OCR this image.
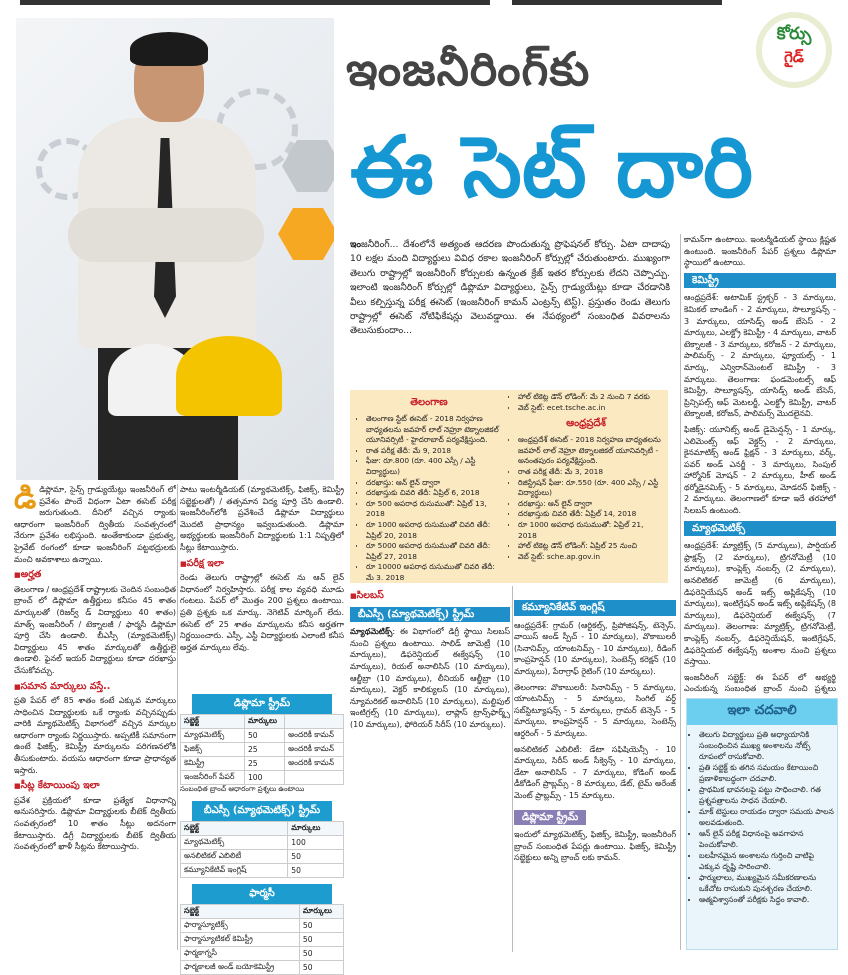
కోర్సు
గైడ్
ఇంజనీరింగ్‌కు
ఈ సెట్ దారి
ఇంజనీరింగ్‌... దేశంలోనే అత్యంత ఆదరణ పొందుతున్న ప్రొఫెషనల్ కోర్సు. ఏటా దాదాపు 10 లక్షల మంది విద్యార్థులు వివిధ రకాల ఇంజనీరింగ్ కోర్సుల్లో చేరుతుంటారు. ముఖ్యంగా తెలుగు రాష్ట్రాల్లో ఇంజనీరింగ్ కోర్సులకు ఉన్నంత క్రేజ్ ఇతర కోర్సులకు లేదని చెప్పొచ్చు. ఇలాంటి ఇంజనీరింగ్ కోర్సుల్లో డిప్లొమా విద్యార్థులు, సైన్స్ గ్రాడ్యుయేట్లు కూడా చేరడానికి వీలు కల్పిస్తున్న పరీక్ష ఈసెట్ (ఇంజనీరింగ్ కామన్ ఎంట్రన్స్ టెస్ట్). ప్రస్తుతం రెండు తెలుగు రాష్ట్రాల్లో ఈసెట్ నోటిఫికేషన్లు వెలువడ్డాయి. ఈ నేపథ్యంలో సంబంధిత వివరాలను తెలుసుకుందాం...

డిడిప్లొమా, సైన్స్ గ్రాడ్యుయేట్లు ఇంజనీరింగ్ లో ప్రవేశం పొందే విధంగా ఏటా ఈసెట్ పరీక్ష జరుగుతుంది. దీనిలో వచ్చిన ర్యాంకు ఆధారంగా ఇంజనీరింగ్ ద్వితీయ సంవత్సరంలో నేరుగా ప్రవేశం లభిస్తుంది. అంతేకాకుండా ప్రభుత్వ, ప్రైవేట్ రంగంలో కూడా ఇంజనీరింగ్ పట్టభద్రులకు మంచి అవకాశాలు ఉన్నాయి.

■ అర్హత

తెలంగాణ / ఆంధ్రప్రదేశ్ రాష్ట్రాలకు చెందిన సంబంధిత బ్రాంచ్ లో డిప్లొమా ఉత్తీర్ణులు కనీసం 45 శాతం మార్కులతో (రిజర్వ్ డ్ విద్యార్థులు 40 శాతం) మాత్స్ ఇంజనీరింగ్ / టెక్నాలజీ / ఫార్మసీ డిప్లొమా పూర్తి చేసి ఉండాలి. బీఎస్సీ (మ్యాథమెటిక్స్) విద్యార్థులు 45 శాతం మార్కులతో ఉత్తీర్ణులై ఉండాలి. ఫైనల్ ఇయర్ విద్యార్థులు కూడా దరఖాస్తు చేసుకోవచ్చు.

■ సమాన మార్కులు వస్తే..

ప్రతి పేపర్ లో 85 శాతం కంటే ఎక్కువ మార్కులు సాధించిన విద్యార్థులకు ఒకే ర్యాంకు వచ్చినప్పుడు వారికి మ్యాథమెటిక్స్ విభాగంలో వచ్చిన మార్కుల ఆధారంగా ర్యాంకు నిర్ణయిస్తారు. అప్పటికీ సమానంగా ఉంటే ఫిజిక్స్, కెమిస్ట్రీ మార్కులను పరిగణనలోకి తీసుకుంటారు. వయసు ఆధారంగా కూడా ప్రాధాన్యత ఇస్తారు.

■ సీట్ల కేటాయింపు ఇలా

ప్రవేశ ప్రక్రియలో కూడా ప్రత్యేక విధానాన్ని అనుసరిస్తారు. డిప్లొమా విద్యార్థులకు బీటెక్ ద్వితీయ సంవత్సరంలో 10 శాతం సీట్లు అదనంగా కేటాయిస్తారు. డిగ్రీ విద్యార్థులకు బీటెక్ ద్వితీయ సంవత్సరంలో ఖాళీ సీట్లను కేటాయిస్తారు.

పాటు ఇంటర్మీడియట్ (మ్యాథమెటిక్స్, ఫిజిక్స్, కెమిస్ట్రీ సబ్జెక్టులతో) / తత్సమాన విద్య పూర్తి చేసి ఉండాలి. ఇంజనీరింగ్‌లోకి ప్రవేశించే డిప్లొమా విద్యార్థులు మొదటి ప్రాధాన్యం ఇవ్వబడుతుంది. డిప్లొమా అభ్యర్థులకు ఇంజనీరింగ్ విద్యార్థులకు 1:1 నిష్పత్తిలో సీట్లు కేటాయిస్తారు.

■ పరీక్ష ఇలా

రెండు తెలుగు రాష్ట్రాల్లో ఈసెట్ ను ఆన్ లైన్ విధానంలో నిర్వహిస్తారు. పరీక్ష కాల వ్యవధి మూడు గంటలు. పేపర్ లో మొత్తం 200 ప్రశ్నలు ఉంటాయి. ప్రతి ప్రశ్నకు ఒక మార్కు. నెగెటివ్ మార్కింగ్ లేదు. ఈసెట్ లో 25 శాతం మార్కులను కనీస అర్హతగా నిర్ణయించారు. ఎస్సీ, ఎస్టీ విద్యార్థులకు ఎలాంటి కనీస అర్హత మార్కులు లేవు.

డిప్లొమా స్ట్రీమ్
సబ్జెక్ట్	మార్కులు	
మ్యాథమెటిక్స్	50	అందరికీ కామన్
ఫిజిక్స్	25	అందరికీ కామన్
కెమిస్ట్రీ	25	అందరికీ కామన్
ఇంజనీరింగ్ పేపర్	100	
సంబంధిత బ్రాంచ్ ఆధారంగా ప్రశ్నలు ఉంటాయి
బీఎస్సీ (మ్యాథమెటిక్స్) స్ట్రీమ్
సబ్జెక్ట్	మార్కులు
మ్యాథమెటిక్స్	100
అనలిటికల్ ఎబిలిటీ	50
కమ్యూనికేటివ్ ఇంగ్లిష్	50
ఫార్మసీ
సబ్జెక్ట్	మార్కులు
ఫార్మాస్యూటిక్స్	50
ఫార్మాస్యూటికల్ కెమిస్ట్రీ	50
ఫార్మకాగ్నసీ	50
ఫార్మకాలజీ అండ్ బయోకెమిస్ట్రీ	50
తెలంగాణ
• తెలంగాణ స్టేట్ ఈసెట్ - 2018 నిర్వహణ బాధ్యతలను జవహర్ లాల్ నెహ్రూ టెక్నాలజికల్ యూనివర్సిటీ - హైదరాబాద్ పర్యవేక్షిస్తుంది.
• రాత పరీక్ష తేదీ: మే 9, 2018
• ఫీజు: రూ.800 (రూ. 400 ఎస్సీ / ఎస్టీ విద్యార్థులు)
• దరఖాస్తు: ఆన్ లైన్ ద్వారా
• దరఖాస్తుకు చివరి తేదీ: ఏప్రిల్ 6, 2018
• రూ 500 అపరాధ రుసుముతో: ఏప్రిల్ 13, 2018
• రూ 1000 అపరాధ రుసుముతో చివరి తేదీ: ఏప్రిల్ 20, 2018
• రూ 5000 అపరాధ రుసుముతో చివరి తేదీ: ఏప్రిల్ 27, 2018
• రూ 10000 అపరాధ రుసుముతో చివరి తేదీ: మే 3, 2018
• హాల్ టికెట్ల డౌన్ లోడింగ్: మే 2 నుంచి 7 వరకు
• వెబ్ సైట్: ecet.tsche.ac.in
ఆంధ్రప్రదేశ్
• ఆంధ్రప్రదేశ్ ఈసెట్ - 2018 నిర్వహణ బాధ్యతలను జవహర్ లాల్ నెహ్రూ టెక్నాలజికల్ యూనివర్సిటీ - అనంతపురం పర్యవేక్షిస్తుంది.
• రాత పరీక్ష తేదీ: మే 3, 2018
• రిజిస్ట్రేషన్ ఫీజు: రూ.550 (రూ. 400 ఎస్సీ / ఎస్టీ విద్యార్థులు)
• దరఖాస్తు: ఆన్ లైన్ ద్వారా
• దరఖాస్తుకు చివరి తేదీ: ఏప్రిల్ 14, 2018
• రూ 1000 అపరాధ రుసుముతో: ఏప్రిల్ 21, 2018
• హాల్ టికెట్ల డౌన్ లోడింగ్: ఏప్రిల్ 25 నుంచి
• వెబ్ సైట్: sche.ap.gov.in
■ సిలబస్
బీఎస్సీ (మ్యాథమెటిక్స్) స్ట్రీమ్

మ్యాథమెటిక్స్: ఈ విభాగంలో డిగ్రీ స్థాయి సిలబస్ నుంచి ప్రశ్నలు ఉంటాయి. సాలిడ్ జామెట్రీ (10 మార్కులు), డిఫరెన్షియల్ ఈక్వేషన్స్ (10 మార్కులు), రియల్ అనాలిసిస్ (10 మార్కులు), ఆల్జీబ్రా (10 మార్కులు), లీనియర్ ఆల్జీబ్రా (10 మార్కులు), వెక్టర్ కాలిక్యులస్ (10 మార్కులు), న్యూమరికల్ అనాలిసిస్ (10 మార్కులు), మల్టిపుల్ ఇంటిగ్రల్స్ (10 మార్కులు), లాప్లాస్ ట్రాన్స్‌ఫార్మ్స్ (10 మార్కులు), ఫోరియర్ సిరీస్ (10 మార్కులు).

కమ్యూనికేటివ్ ఇంగ్లిష్

ఆంధ్రప్రదేశ్: గ్రామర్ (ఆర్టికల్స్, ప్రిపోజిషన్స్, టెన్సెస్, వాయిస్ అండ్ స్పీచ్ - 10 మార్కులు), వొకాబులరీ (సినానిమ్స్, యాంటనిమ్స్ - 10 మార్కులు), రీడింగ్ కాంప్రహెన్షన్ (10 మార్కులు), సెంటెన్స్ కరెక్షన్ (10 మార్కులు), పేరాగ్రాఫ్ రైటింగ్ (10 మార్కులు).

తెలంగాణ: వొకాబులరీ: సినానిమ్స్ - 5 మార్కులు, యాంటనిమ్స్ - 5 మార్కులు, సింగిల్ వర్డ్ సబ్‌స్టిట్యూషన్స్ - 5 మార్కులు, గ్రామర్ టెన్సెస్ - 5 మార్కులు, కాంప్రహెన్షన్ - 5 మార్కులు, సెంటెన్స్ ఆర్డరింగ్ - 5 మార్కులు.

అనలిటికల్ ఎబిలిటీ: డేటా సఫిషియెన్సీ - 10 మార్కులు, సిరీస్ అండ్ సీక్వెన్స్ - 10 మార్కులు, డేటా అనాలిసిస్ - 7 మార్కులు, కోడింగ్ అండ్ డీకోడింగ్ ప్రాబ్లమ్స్ - 8 మార్కులు, డేట్, టైమ్ అరేంజ్ మెంట్ ప్రాబ్లమ్స్ - 15 మార్కులు.

డిప్లొమా స్ట్రీమ్

ఇందులో మ్యాథమెటిక్స్, ఫిజిక్స్, కెమిస్ట్రీ, ఇంజనీరింగ్ బ్రాంచ్ సంబంధిత పేపర్లు ఉంటాయి. ఫిజిక్స్, కెమిస్ట్రీ సబ్జెక్టులు అన్ని బ్రాంచ్ లకు కామన్.

కామన్‌గా ఉంటాయి. ఇంటర్మీడియట్ స్థాయి క్లిష్టత ఉంటుంది. ఇంజనీరింగ్ పేపర్ ప్రశ్నలు డిప్లొమా స్థాయిలో ఉంటాయి.

కెమిస్ట్రీ

ఆంధ్రప్రదేశ్: అటామిక్ స్ట్రక్చర్ - 3 మార్కులు, కెమికల్ బాండింగ్ - 2 మార్కులు, సొల్యూషన్స్ - 3 మార్కులు, యాసిడ్స్ అండ్ బేసెస్ - 2 మార్కులు, ఎలక్ట్రో కెమిస్ట్రీ - 4 మార్కులు, వాటర్ టెక్నాలజీ - 3 మార్కులు, కరోజన్ - 2 మార్కులు, పాలిమర్స్ - 2 మార్కులు, ఫ్యూయల్స్ - 1 మార్కు, ఎన్విరాన్‌మెంటల్ కెమిస్ట్రీ - 3 మార్కులు. తెలంగాణ: ఫండమెంటల్స్ ఆఫ్ కెమిస్ట్రీ, సొల్యూషన్స్, యాసిడ్స్ అండ్ బేసెస్, ప్రిన్సిపల్స్ ఆఫ్ మెటలర్జీ, ఎలక్ట్రో కెమిస్ట్రీ, వాటర్ టెక్నాలజీ, కరోజన్, పాలిమర్స్ మొదలైనవి.

ఫిజిక్స్: యూనిట్స్ అండ్ డైమెన్షన్స్ - 1 మార్కు, ఎలిమెంట్స్ ఆఫ్ వెక్టర్స్ - 2 మార్కులు, కైనమాటిక్స్ అండ్ ఫ్రిక్షన్ - 3 మార్కులు, వర్క్, పవర్ అండ్ ఎనర్జీ - 3 మార్కులు, సింపుల్ హార్మోనిక్ మోషన్ - 2 మార్కులు, హీట్ అండ్ థర్మోడైనమిక్స్ - 5 మార్కులు, మోడరన్ ఫిజిక్స్ - 2 మార్కులు. తెలంగాణలో కూడా ఇదే తరహాలో సిలబస్ ఉంటుంది.

మ్యాథమెటిక్స్

ఆంధ్రప్రదేశ్: మ్యాట్రిక్స్ (5 మార్కులు), పార్షియల్ ఫ్రాక్షన్స్ (2 మార్కులు), ట్రిగనోమెట్రీ (10 మార్కులు), కాంప్లెక్స్ నంబర్స్ (2 మార్కులు), అనలిటికల్ జామెట్రీ (6 మార్కులు), డిఫరెన్షియేషన్ అండ్ ఇట్స్ అప్లికేషన్స్ (10 మార్కులు), ఇంటిగ్రేషన్ అండ్ ఇట్స్ అప్లికేషన్స్ (8 మార్కులు), డిఫరెన్షియల్ ఈక్వేషన్స్ (7 మార్కులు). తెలంగాణ: మ్యాట్రిక్స్, ట్రిగనోమెట్రీ, కాంప్లెక్స్ నంబర్స్, డిఫరెన్షియేషన్, ఇంటిగ్రేషన్, డిఫరెన్షియల్ ఈక్వేషన్స్ అంశాల నుంచి ప్రశ్నలు వస్తాయి.

ఇంజనీరింగ్ సబ్జెక్ట్: ఈ పేపర్ లో అభ్యర్థి ఎంచుకున్న సంబంధిత బ్రాంచ్ నుంచి ప్రశ్నలు

ఇలా చదవాలి
• తెలుగు విద్యార్థులు ప్రతి అధ్యాయానికి సంబంధించిన ముఖ్య అంశాలను నోట్స్ రూపంలో రాసుకోవాలి.
• ప్రతి సబ్జెక్ట్ కు తగిన సమయం కేటాయించి ప్రణాళికాబద్ధంగా చదవాలి.
• ప్రాథమిక భావనలపై పట్టు సాధించాలి. గత ప్రశ్నపత్రాలను సాధన చేయాలి.
• మాక్ టెస్టులు రాయడం ద్వారా సమయ పాలన అలవడుతుంది.
• ఆన్ లైన్ పరీక్ష విధానంపై అవగాహన పెంచుకోవాలి.
• బలహీనమైన అంశాలను గుర్తించి వాటిపై ఎక్కువ దృష్టి సారించాలి.
• ఫార్ములాలు, ముఖ్యమైన సమీకరణాలను ఒకేచోట రాసుకుని పునశ్చరణ చేయాలి.
• ఆత్మవిశ్వాసంతో పరీక్షకు సిద్ధం కావాలి.
